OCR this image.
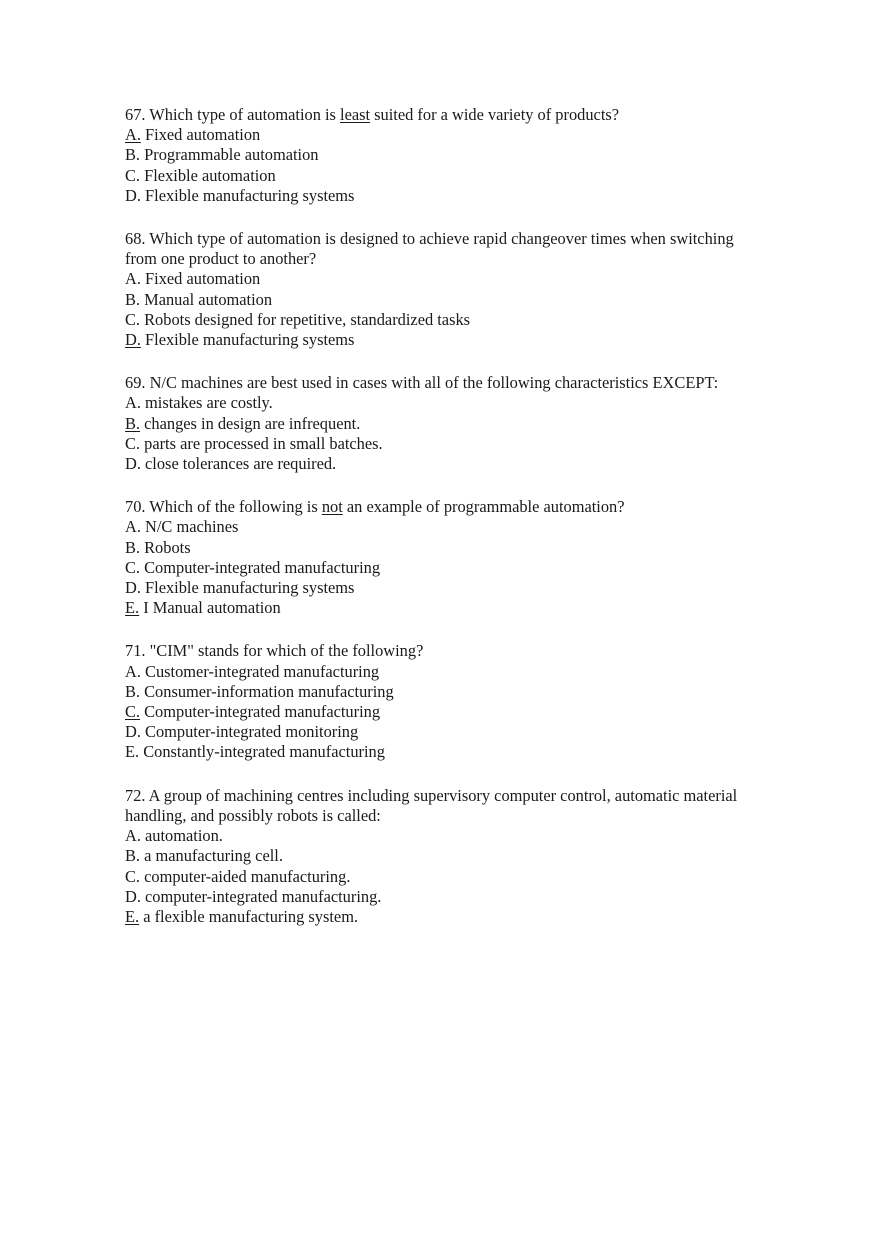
67. Which type of automation is least suited for a wide variety of products?
A. Fixed automation
B. Programmable automation
C. Flexible automation
D. Flexible manufacturing systems
68. Which type of automation is designed to achieve rapid changeover times when switching
from one product to another?
A. Fixed automation
B. Manual automation
C. Robots designed for repetitive, standardized tasks
D. Flexible manufacturing systems
69. N/C machines are best used in cases with all of the following characteristics EXCEPT:
A. mistakes are costly.
B. changes in design are infrequent.
C. parts are processed in small batches.
D. close tolerances are required.
70. Which of the following is not an example of programmable automation?
A. N/C machines
B. Robots
C. Computer-integrated manufacturing
D. Flexible manufacturing systems
E. I Manual automation
71. "CIM" stands for which of the following?
A. Customer-integrated manufacturing
B. Consumer-information manufacturing
C. Computer-integrated manufacturing
D. Computer-integrated monitoring
E. Constantly-integrated manufacturing
72. A group of machining centres including supervisory computer control, automatic material
handling, and possibly robots is called:
A. automation.
B. a manufacturing cell.
C. computer-aided manufacturing.
D. computer-integrated manufacturing.
E. a flexible manufacturing system.
